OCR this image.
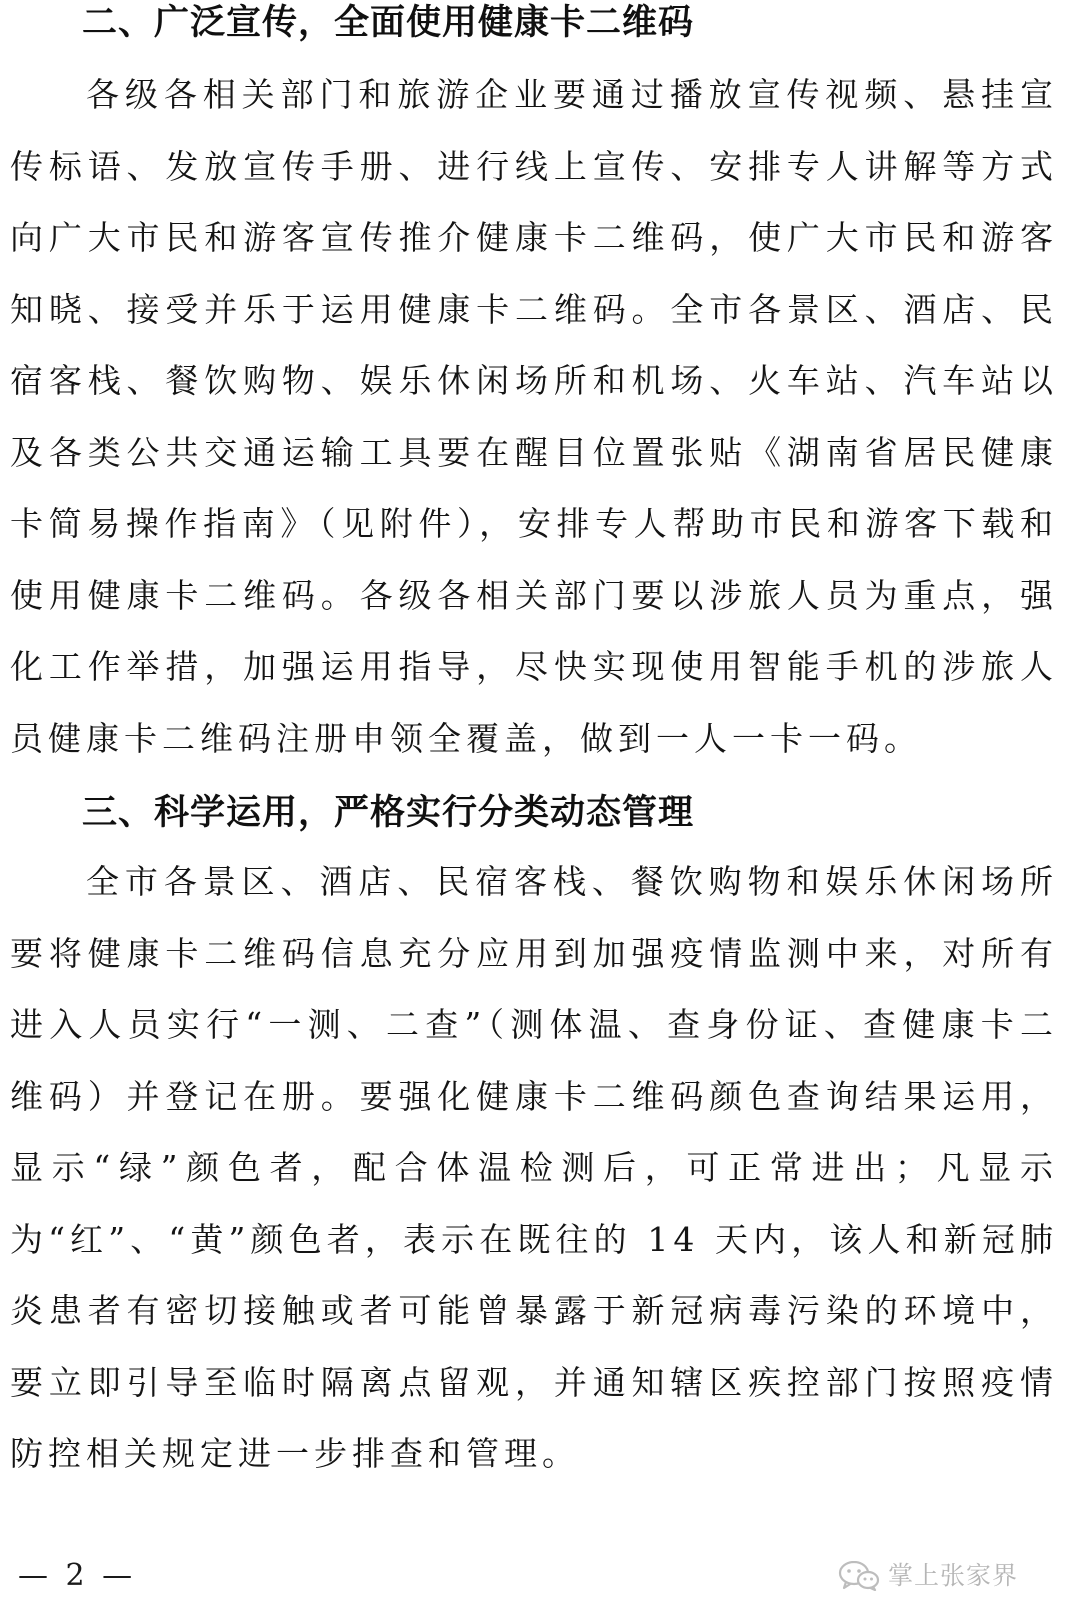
二、广泛宣传，全面使用健康卡二维码

各级各相关部门和旅游企业要通过播放宣传视频、悬挂宣传标语、发放宣传手册、进行线上宣传、安排专人讲解等方式向广大市民和游客宣传推介健康卡二维码，使广大市民和游客知晓、接受并乐于运用健康卡二维码。全市各景区、酒店、民宿客栈、餐饮购物、娱乐休闲场所和机场、火车站、汽车站以及各类公共交通运输工具要在醒目位置张贴《湖南省居民健康卡简易操作指南》（见附件），安排专人帮助市民和游客下载和使用健康卡二维码。各级各相关部门要以涉旅人员为重点，强化工作举措，加强运用指导，尽快实现使用智能手机的涉旅人员健康卡二维码注册申领全覆盖，做到一人一卡一码。

三、科学运用，严格实行分类动态管理

全市各景区、酒店、民宿客栈、餐饮购物和娱乐休闲场所要将健康卡二维码信息充分应用到加强疫情监测中来，对所有进入人员实行“一测、二查”（测体温、查身份证、查健康卡二维码）并登记在册。要强化健康卡二维码颜色查询结果运用，显示“绿”颜色者，配合体温检测后，可正常进出；凡显示为“红”、“黄”颜色者，表示在既往的 14 天内，该人和新冠肺炎患者有密切接触或者可能曾暴露于新冠病毒污染的环境中，要立即引导至临时隔离点留观，并通知辖区疾控部门按照疫情防控相关规定进一步排查和管理。

— 2 —	掌上张家界
